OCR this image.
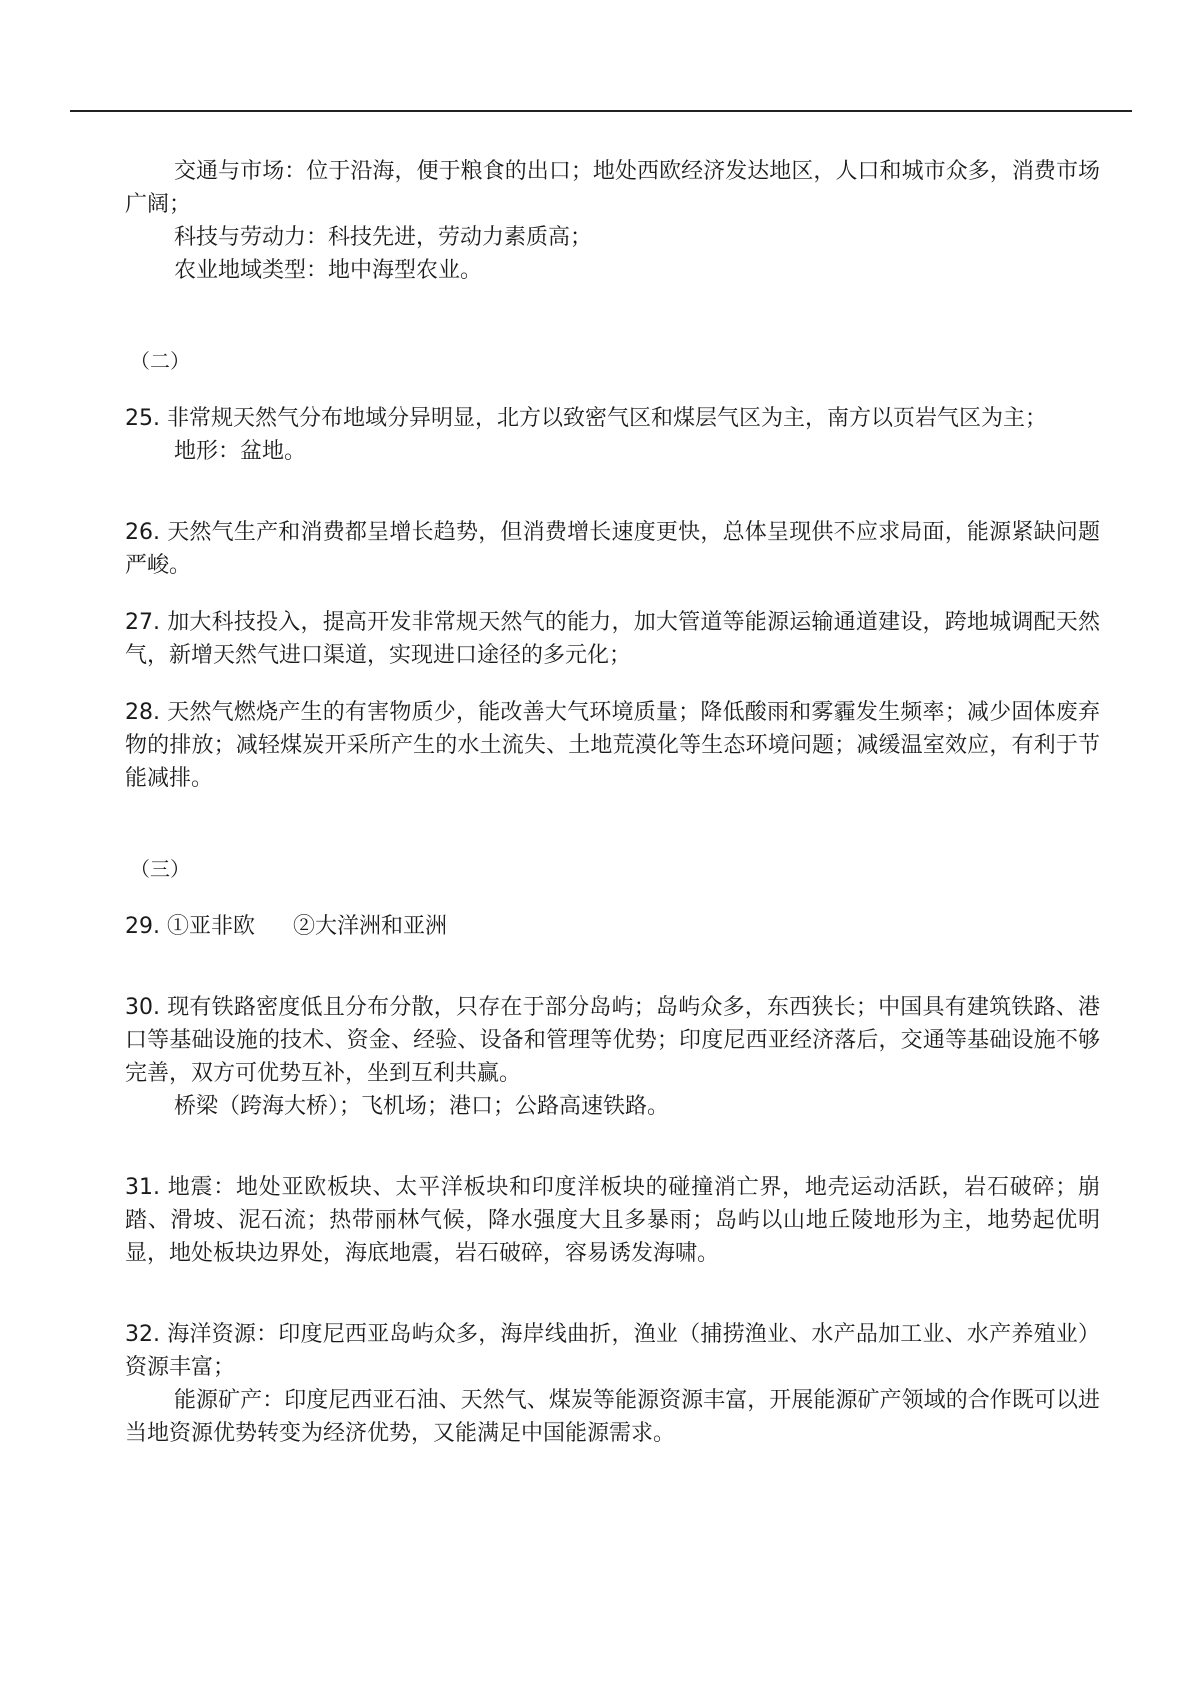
交通与市场：位于沿海，便于粮食的出口；地处西欧经济发达地区，人口和城市众多，消费市场广阔；

科技与劳动力：科技先进，劳动力素质高；

农业地域类型：地中海型农业。

（二）

25. 非常规天然气分布地域分异明显，北方以致密气区和煤层气区为主，南方以页岩气区为主；

地形：盆地。

26. 天然气生产和消费都呈增长趋势，但消费增长速度更快，总体呈现供不应求局面，能源紧缺问题严峻。

27. 加大科技投入，提高开发非常规天然气的能力，加大管道等能源运输通道建设，跨地城调配天然气，新增天然气进口渠道，实现进口途径的多元化；

28. 天然气燃烧产生的有害物质少，能改善大气环境质量；降低酸雨和雾霾发生频率；减少固体废弃物的排放；减轻煤炭开采所产生的水土流失、土地荒漠化等生态环境问题；减缓温室效应，有利于节能减排。

（三）

29. ①亚非欧 ②大洋洲和亚洲

30. 现有铁路密度低且分布分散，只存在于部分岛屿；岛屿众多，东西狭长；中国具有建筑铁路、港口等基础设施的技术、资金、经验、设备和管理等优势；印度尼西亚经济落后，交通等基础设施不够完善，双方可优势互补，坐到互利共赢。

桥梁（跨海大桥）；飞机场；港口；公路高速铁路。

31. 地震：地处亚欧板块、太平洋板块和印度洋板块的碰撞消亡界，地壳运动活跃，岩石破碎；崩踏、滑坡、泥石流；热带丽林气候，降水强度大且多暴雨；岛屿以山地丘陵地形为主，地势起优明显，地处板块边界处，海底地震，岩石破碎，容易诱发海啸。

32. 海洋资源：印度尼西亚岛屿众多，海岸线曲折，渔业（捕捞渔业、水产品加工业、水产养殖业）资源丰富；

能源矿产：印度尼西亚石油、天然气、煤炭等能源资源丰富，开展能源矿产领域的合作既可以进当地资源优势转变为经济优势，又能满足中国能源需求。
